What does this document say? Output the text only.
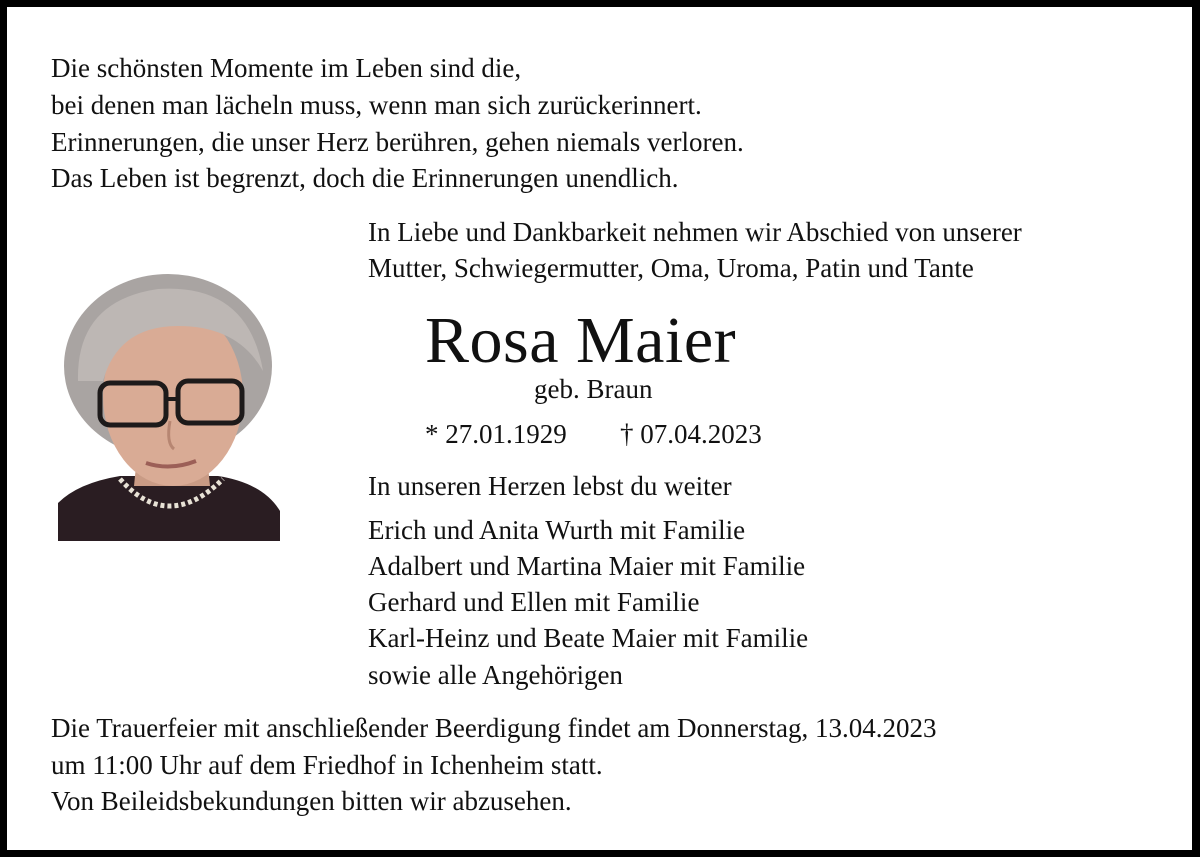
Die schönsten Momente im Leben sind die,
bei denen man lächeln muss, wenn man sich zurückerinnert.
Erinnerungen, die unser Herz berühren, gehen niemals verloren.
Das Leben ist begrenzt, doch die Erinnerungen unendlich.
In Liebe und Dankbarkeit nehmen wir Abschied von unserer
Mutter, Schwiegermutter, Oma, Uroma, Patin und Tante
Rosa Maier
geb. Braun
* 27.01.1929 † 07.04.2023
In unseren Herzen lebst du weiter
Erich und Anita Wurth mit Familie
Adalbert und Martina Maier mit Familie
Gerhard und Ellen mit Familie
Karl-Heinz und Beate Maier mit Familie
sowie alle Angehörigen
Die Trauerfeier mit anschließender Beerdigung findet am Donnerstag, 13.04.2023
um 11:00 Uhr auf dem Friedhof in Ichenheim statt.
Von Beileidsbekundungen bitten wir abzusehen.
